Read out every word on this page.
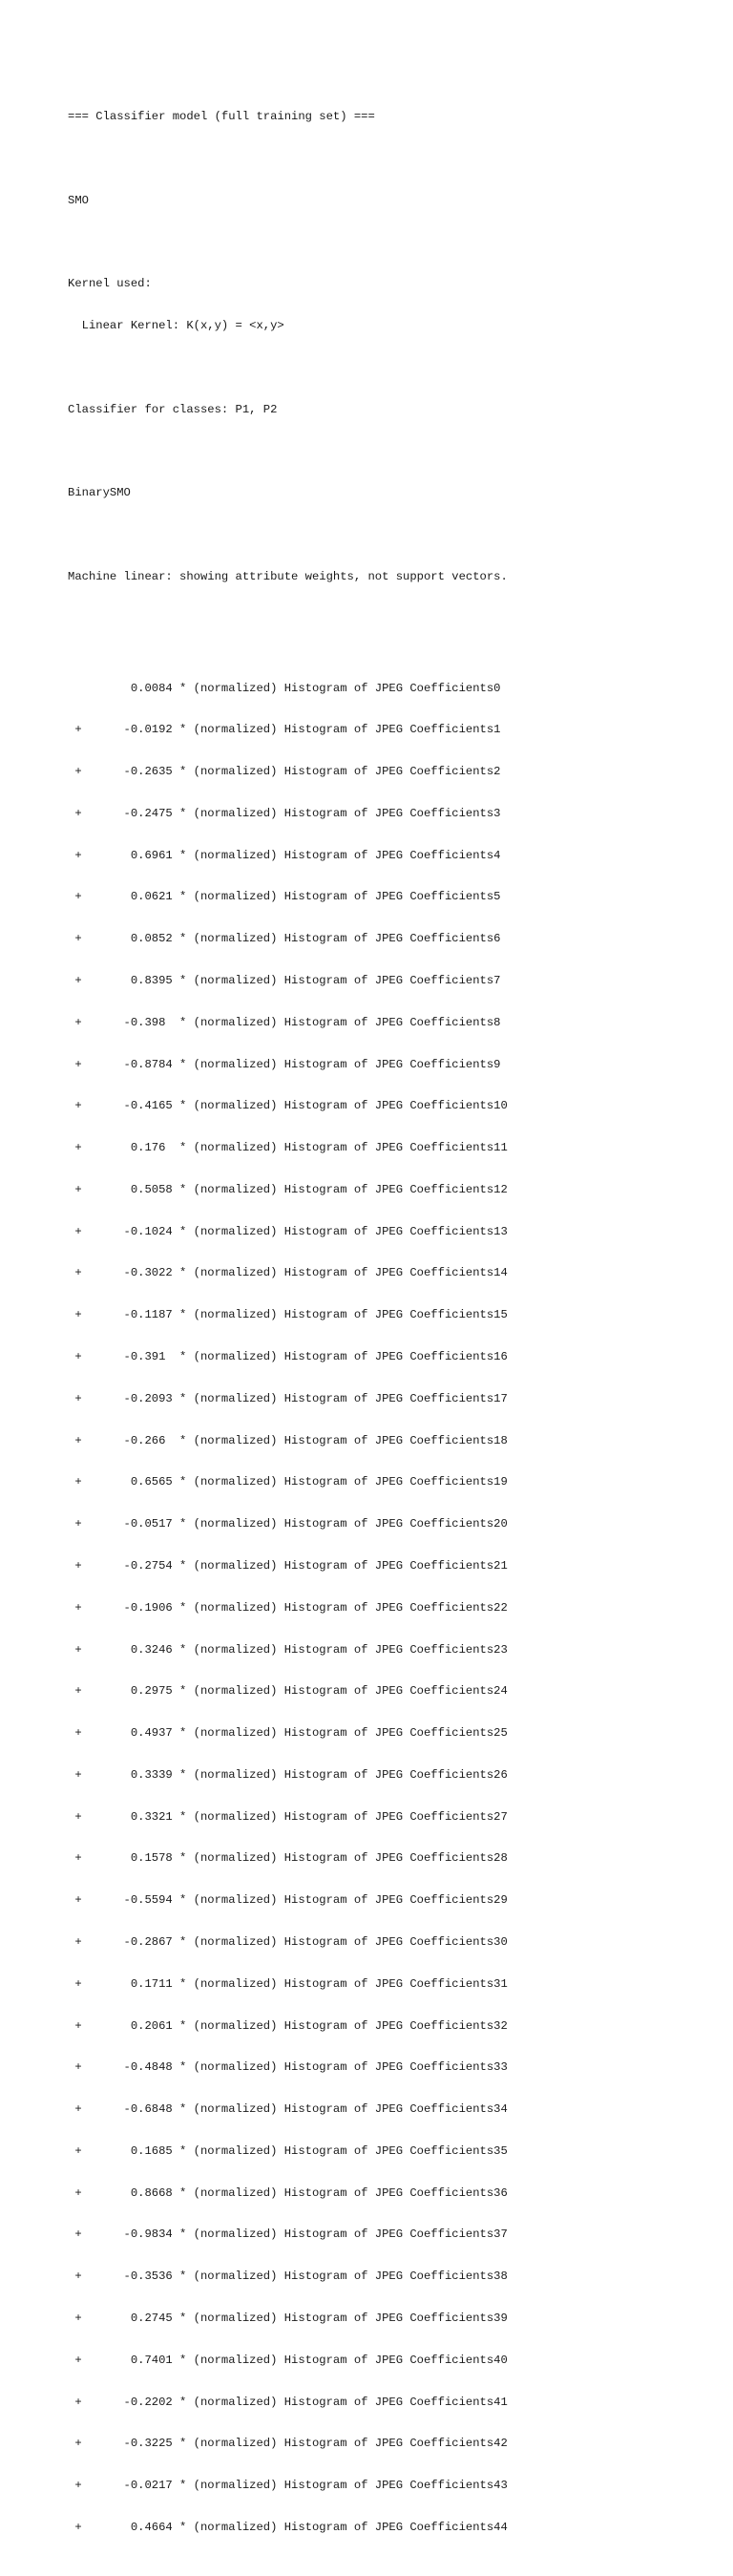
=== Classifier model (full training set) ===

SMO

Kernel used:

Linear Kernel: K(x,y) = <x,y>

Classifier for classes: P1, P2

BinarySMO

Machine linear: showing attribute weights, not support vectors.

0.0084 * (normalized) Histogram of JPEG Coefficients0

+      -0.0192 * (normalized) Histogram of JPEG Coefficients1

+      -0.2635 * (normalized) Histogram of JPEG Coefficients2

+      -0.2475 * (normalized) Histogram of JPEG Coefficients3

+       0.6961 * (normalized) Histogram of JPEG Coefficients4

+       0.0621 * (normalized) Histogram of JPEG Coefficients5

+       0.0852 * (normalized) Histogram of JPEG Coefficients6

+       0.8395 * (normalized) Histogram of JPEG Coefficients7

+      -0.398  * (normalized) Histogram of JPEG Coefficients8

+      -0.8784 * (normalized) Histogram of JPEG Coefficients9

+      -0.4165 * (normalized) Histogram of JPEG Coefficients10

+       0.176  * (normalized) Histogram of JPEG Coefficients11

+       0.5058 * (normalized) Histogram of JPEG Coefficients12

+      -0.1024 * (normalized) Histogram of JPEG Coefficients13

+      -0.3022 * (normalized) Histogram of JPEG Coefficients14

+      -0.1187 * (normalized) Histogram of JPEG Coefficients15

+      -0.391  * (normalized) Histogram of JPEG Coefficients16

+      -0.2093 * (normalized) Histogram of JPEG Coefficients17

+      -0.266  * (normalized) Histogram of JPEG Coefficients18

+       0.6565 * (normalized) Histogram of JPEG Coefficients19

+      -0.0517 * (normalized) Histogram of JPEG Coefficients20

+      -0.2754 * (normalized) Histogram of JPEG Coefficients21

+      -0.1906 * (normalized) Histogram of JPEG Coefficients22

+       0.3246 * (normalized) Histogram of JPEG Coefficients23

+       0.2975 * (normalized) Histogram of JPEG Coefficients24

+       0.4937 * (normalized) Histogram of JPEG Coefficients25

+       0.3339 * (normalized) Histogram of JPEG Coefficients26

+       0.3321 * (normalized) Histogram of JPEG Coefficients27

+       0.1578 * (normalized) Histogram of JPEG Coefficients28

+      -0.5594 * (normalized) Histogram of JPEG Coefficients29

+      -0.2867 * (normalized) Histogram of JPEG Coefficients30

+       0.1711 * (normalized) Histogram of JPEG Coefficients31

+       0.2061 * (normalized) Histogram of JPEG Coefficients32

+      -0.4848 * (normalized) Histogram of JPEG Coefficients33

+      -0.6848 * (normalized) Histogram of JPEG Coefficients34

+       0.1685 * (normalized) Histogram of JPEG Coefficients35

+       0.8668 * (normalized) Histogram of JPEG Coefficients36

+      -0.9834 * (normalized) Histogram of JPEG Coefficients37

+      -0.3536 * (normalized) Histogram of JPEG Coefficients38

+       0.2745 * (normalized) Histogram of JPEG Coefficients39

+       0.7401 * (normalized) Histogram of JPEG Coefficients40

+      -0.2202 * (normalized) Histogram of JPEG Coefficients41

+      -0.3225 * (normalized) Histogram of JPEG Coefficients42

+      -0.0217 * (normalized) Histogram of JPEG Coefficients43

+       0.4664 * (normalized) Histogram of JPEG Coefficients44
